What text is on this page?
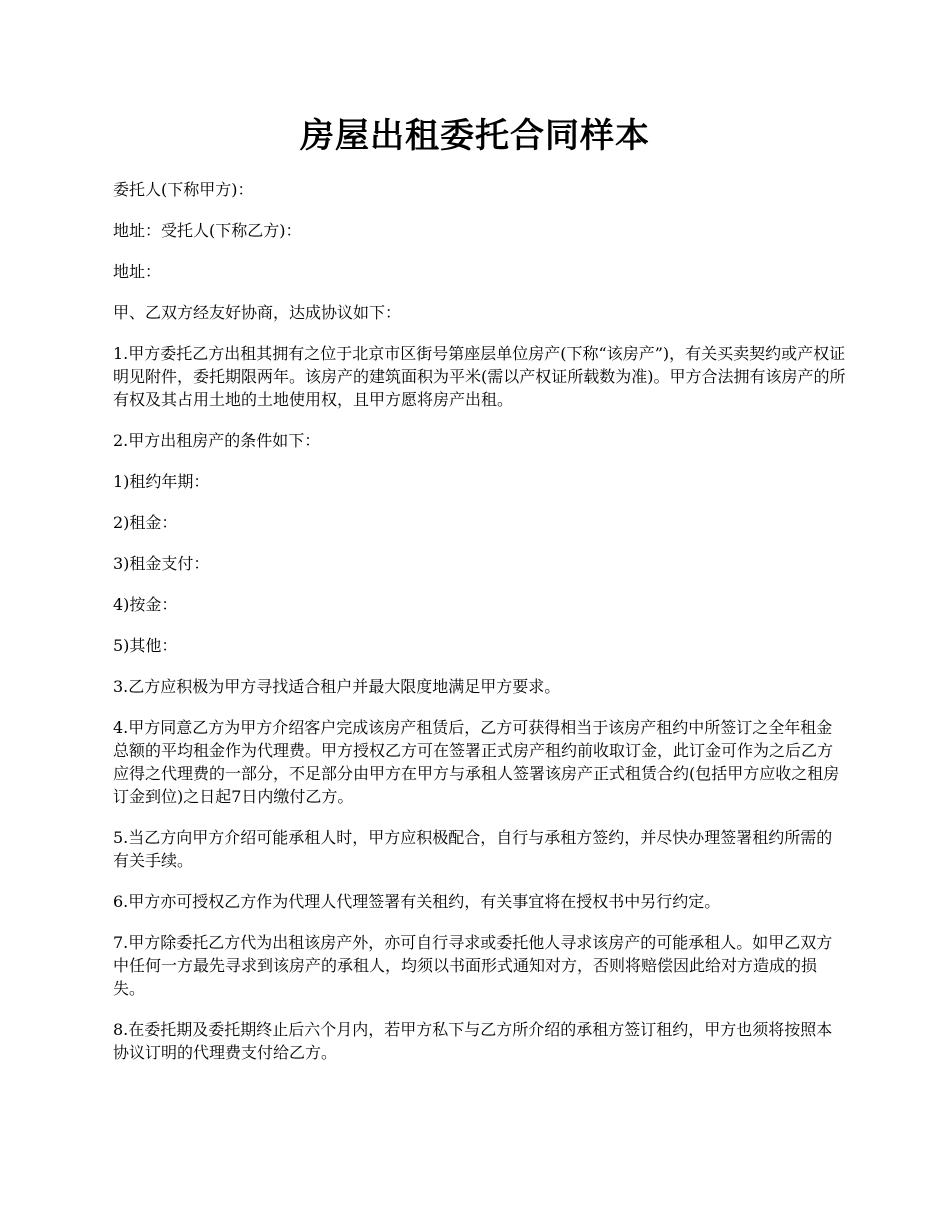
房屋出租委托合同样本

委托人(下称甲方)：

地址：受托人(下称乙方)：

地址：

甲、乙双方经友好协商，达成协议如下：

1.甲方委托乙方出租其拥有之位于北京市区街号第座层单位房产(下称“该房产”)，有关买卖契约或产权证明见附件，委托期限两年。该房产的建筑面积为平米(需以产权证所载数为准)。甲方合法拥有该房产的所有权及其占用土地的土地使用权，且甲方愿将房产出租。

2.甲方出租房产的条件如下：

1)租约年期：

2)租金：

3)租金支付：

4)按金：

5)其他：

3.乙方应积极为甲方寻找适合租户并最大限度地满足甲方要求。

4.甲方同意乙方为甲方介绍客户完成该房产租赁后，乙方可获得相当于该房产租约中所签订之全年租金总额的平均租金作为代理费。甲方授权乙方可在签署正式房产租约前收取订金，此订金可作为之后乙方应得之代理费的一部分，不足部分由甲方在甲方与承租人签署该房产正式租赁合约(包括甲方应收之租房订金到位)之日起7日内缴付乙方。

5.当乙方向甲方介绍可能承租人时，甲方应积极配合，自行与承租方签约，并尽快办理签署租约所需的有关手续。

6.甲方亦可授权乙方作为代理人代理签署有关租约，有关事宜将在授权书中另行约定。

7.甲方除委托乙方代为出租该房产外，亦可自行寻求或委托他人寻求该房产的可能承租人。如甲乙双方中任何一方最先寻求到该房产的承租人，均须以书面形式通知对方，否则将赔偿因此给对方造成的损失。

8.在委托期及委托期终止后六个月内，若甲方私下与乙方所介绍的承租方签订租约，甲方也须将按照本协议订明的代理费支付给乙方。
